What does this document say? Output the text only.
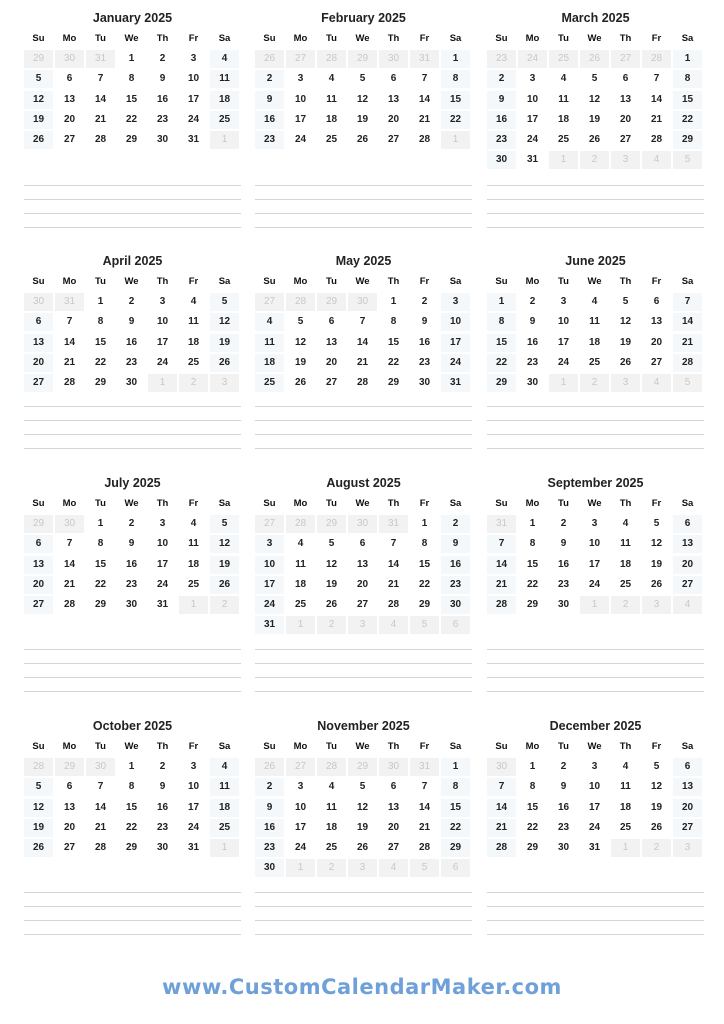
January 2025
Su	Mo	Tu	We	Th	Fr	Sa
29	30	31	1	2	3	4
5	6	7	8	9	10	11
12	13	14	15	16	17	18
19	20	21	22	23	24	25
26	27	28	29	30	31	1
February 2025
Su	Mo	Tu	We	Th	Fr	Sa
26	27	28	29	30	31	1
2	3	4	5	6	7	8
9	10	11	12	13	14	15
16	17	18	19	20	21	22
23	24	25	26	27	28	1
March 2025
Su	Mo	Tu	We	Th	Fr	Sa
23	24	25	26	27	28	1
2	3	4	5	6	7	8
9	10	11	12	13	14	15
16	17	18	19	20	21	22
23	24	25	26	27	28	29
30	31	1	2	3	4	5
April 2025
Su	Mo	Tu	We	Th	Fr	Sa
30	31	1	2	3	4	5
6	7	8	9	10	11	12
13	14	15	16	17	18	19
20	21	22	23	24	25	26
27	28	29	30	1	2	3
May 2025
Su	Mo	Tu	We	Th	Fr	Sa
27	28	29	30	1	2	3
4	5	6	7	8	9	10
11	12	13	14	15	16	17
18	19	20	21	22	23	24
25	26	27	28	29	30	31
June 2025
Su	Mo	Tu	We	Th	Fr	Sa
1	2	3	4	5	6	7
8	9	10	11	12	13	14
15	16	17	18	19	20	21
22	23	24	25	26	27	28
29	30	1	2	3	4	5
July 2025
Su	Mo	Tu	We	Th	Fr	Sa
29	30	1	2	3	4	5
6	7	8	9	10	11	12
13	14	15	16	17	18	19
20	21	22	23	24	25	26
27	28	29	30	31	1	2
August 2025
Su	Mo	Tu	We	Th	Fr	Sa
27	28	29	30	31	1	2
3	4	5	6	7	8	9
10	11	12	13	14	15	16
17	18	19	20	21	22	23
24	25	26	27	28	29	30
31	1	2	3	4	5	6
September 2025
Su	Mo	Tu	We	Th	Fr	Sa
31	1	2	3	4	5	6
7	8	9	10	11	12	13
14	15	16	17	18	19	20
21	22	23	24	25	26	27
28	29	30	1	2	3	4
October 2025
Su	Mo	Tu	We	Th	Fr	Sa
28	29	30	1	2	3	4
5	6	7	8	9	10	11
12	13	14	15	16	17	18
19	20	21	22	23	24	25
26	27	28	29	30	31	1
November 2025
Su	Mo	Tu	We	Th	Fr	Sa
26	27	28	29	30	31	1
2	3	4	5	6	7	8
9	10	11	12	13	14	15
16	17	18	19	20	21	22
23	24	25	26	27	28	29
30	1	2	3	4	5	6
December 2025
Su	Mo	Tu	We	Th	Fr	Sa
30	1	2	3	4	5	6
7	8	9	10	11	12	13
14	15	16	17	18	19	20
21	22	23	24	25	26	27
28	29	30	31	1	2	3
www.CustomCalendarMaker.com
